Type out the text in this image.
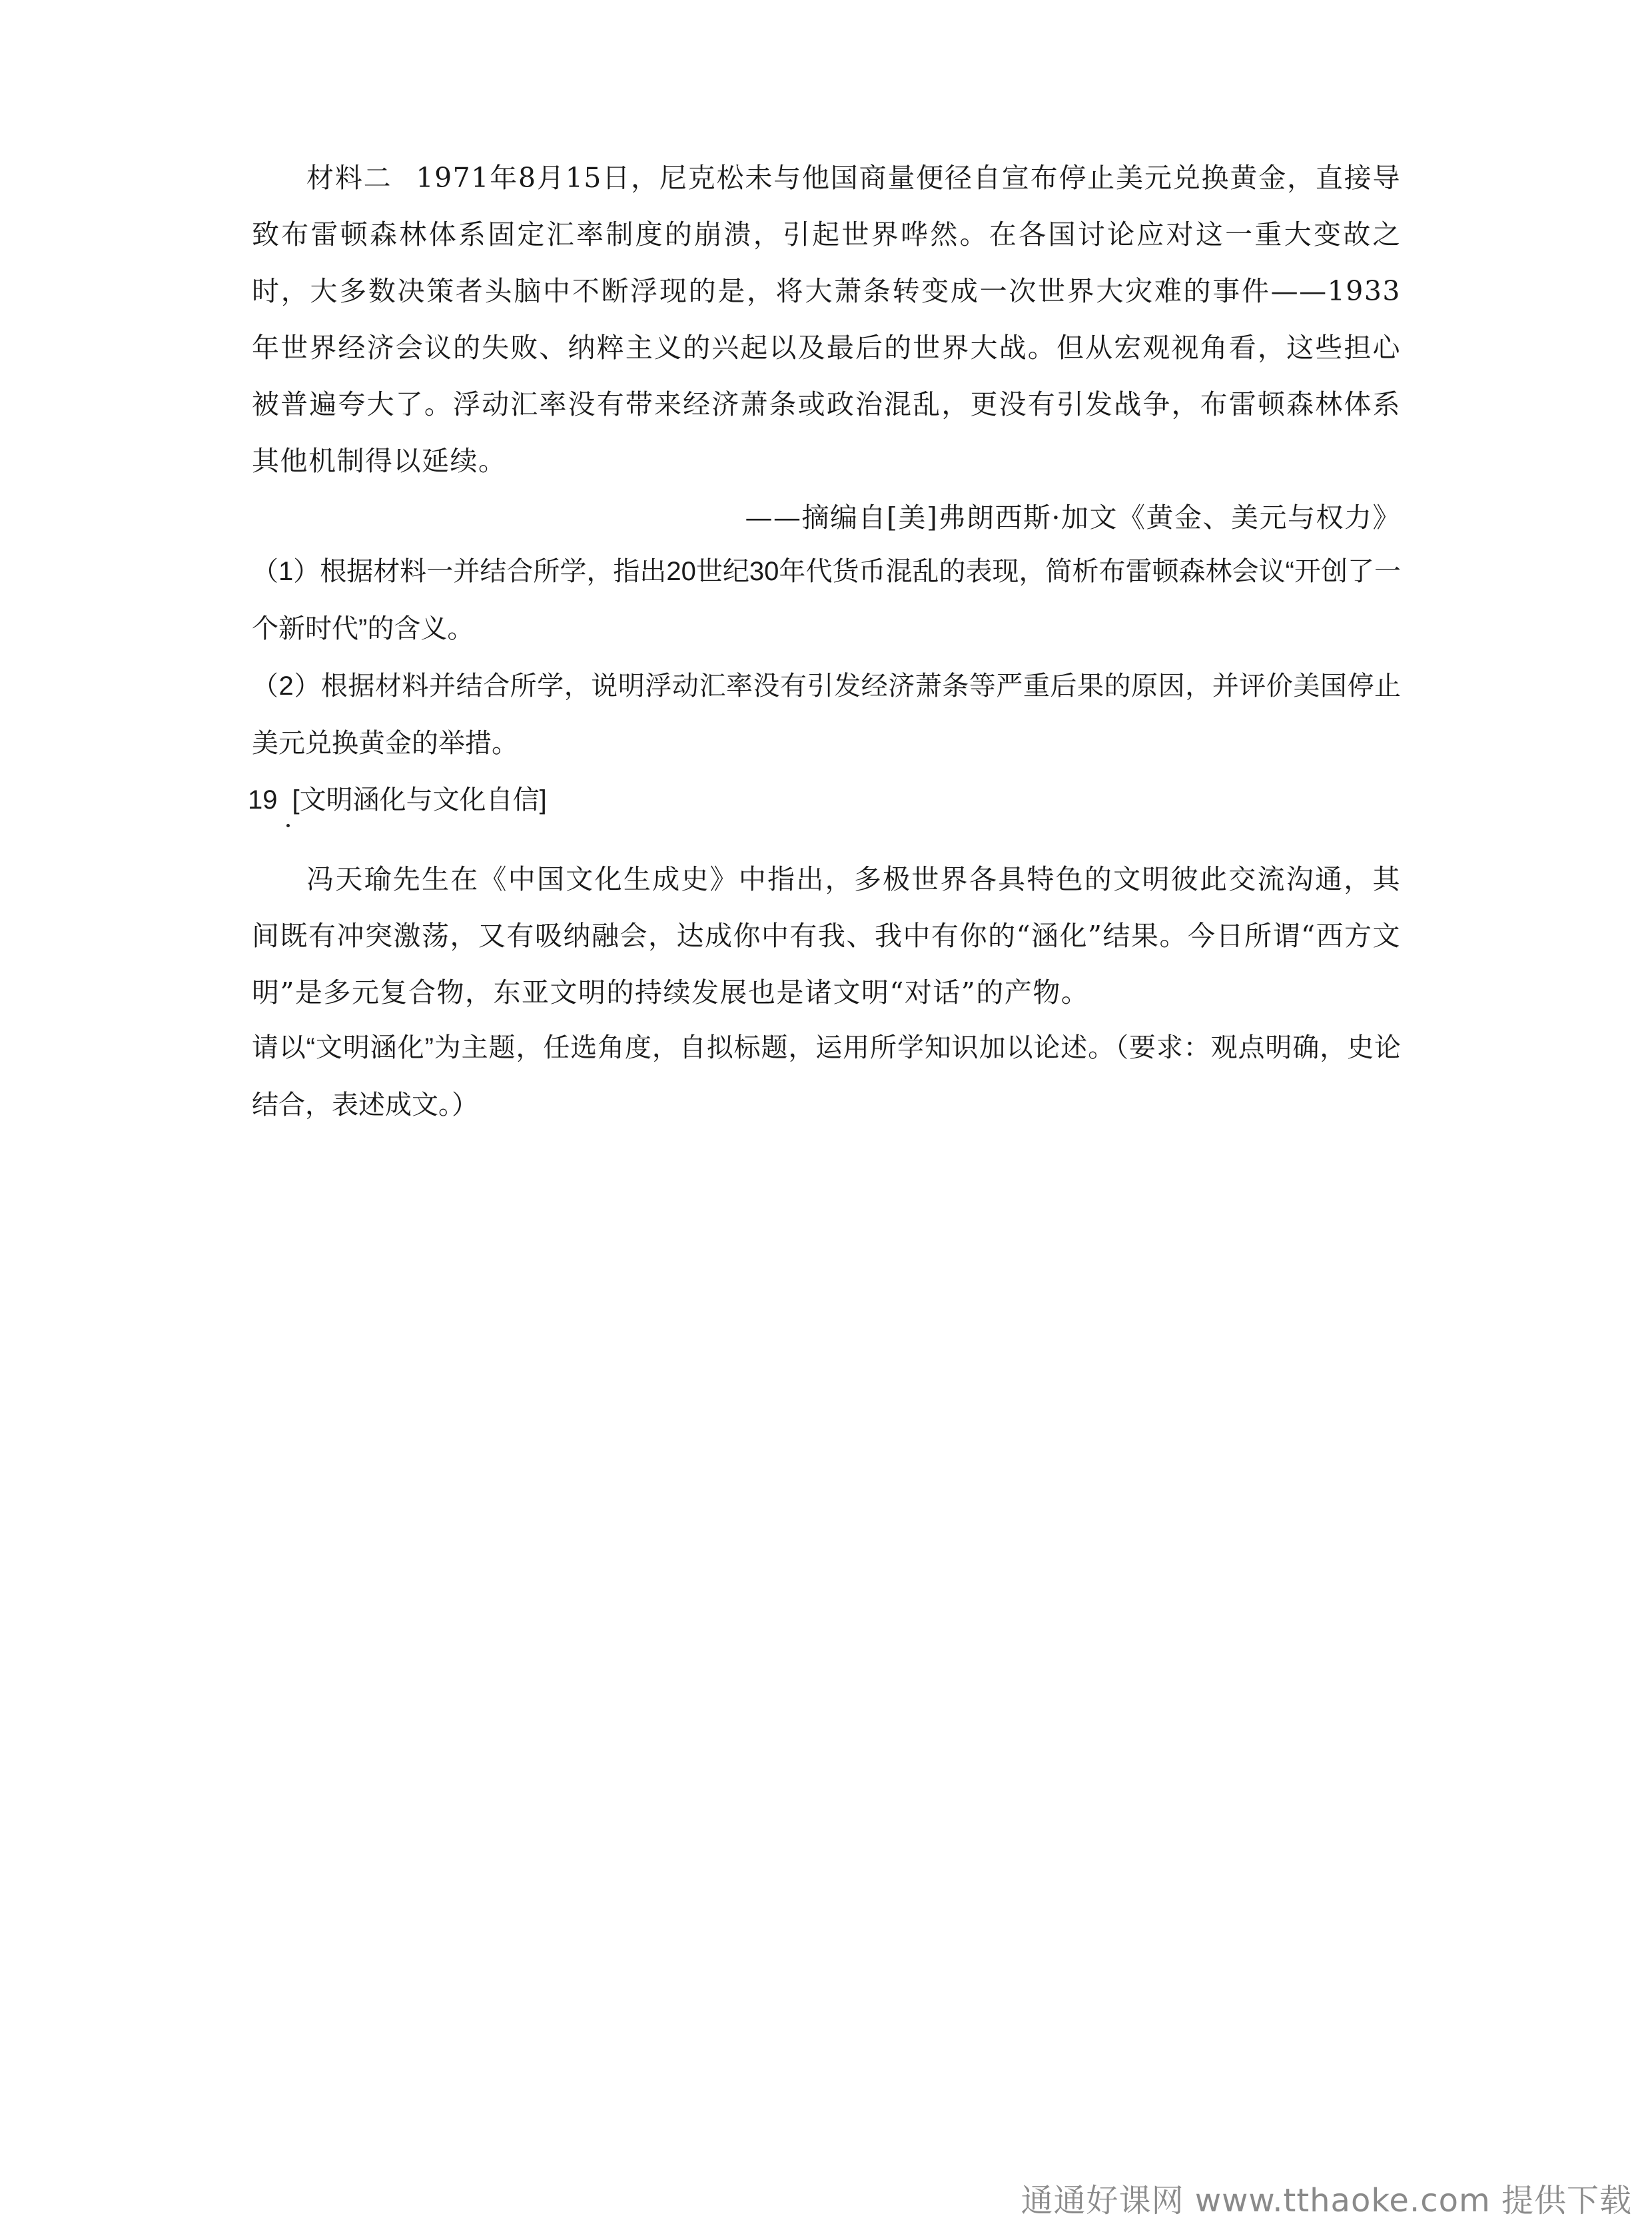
材料二 1971年8月15日，尼克松未与他国商量便径自宣布停止美元兑换黄金，直接导致布雷顿森林体系固定汇率制度的崩溃，引起世界哗然。在各国讨论应对这一重大变故之时，大多数决策者头脑中不断浮现的是，将大萧条转变成一次世界大灾难的事件——1933年世界经济会议的失败、纳粹主义的兴起以及最后的世界大战。但从宏观视角看，这些担心被普遍夸大了。浮动汇率没有带来经济萧条或政治混乱，更没有引发战争，布雷顿森林体系其他机制得以延续。

——摘编自[美]弗朗西斯·加文《黄金、美元与权力》

（1）根据材料一并结合所学，指出20世纪30年代货币混乱的表现，简析布雷顿森林会议“开创了一个新时代”的含义。

（2）根据材料并结合所学，说明浮动汇率没有引发经济萧条等严重后果的原因，并评价美国停止美元兑换黄金的举措。

19 [文明涵化与文化自信]

冯天瑜先生在《中国文化生成史》中指出，多极世界各具特色的文明彼此交流沟通，其间既有冲突激荡，又有吸纳融会，达成你中有我、我中有你的“涵化”结果。今日所谓“西方文明”是多元复合物，东亚文明的持续发展也是诸文明“对话”的产物。

请以“文明涵化”为主题，任选角度，自拟标题，运用所学知识加以论述。（要求：观点明确，史论结合，表述成文。）

通通好课网 www.tthaoke.com 提供下载
